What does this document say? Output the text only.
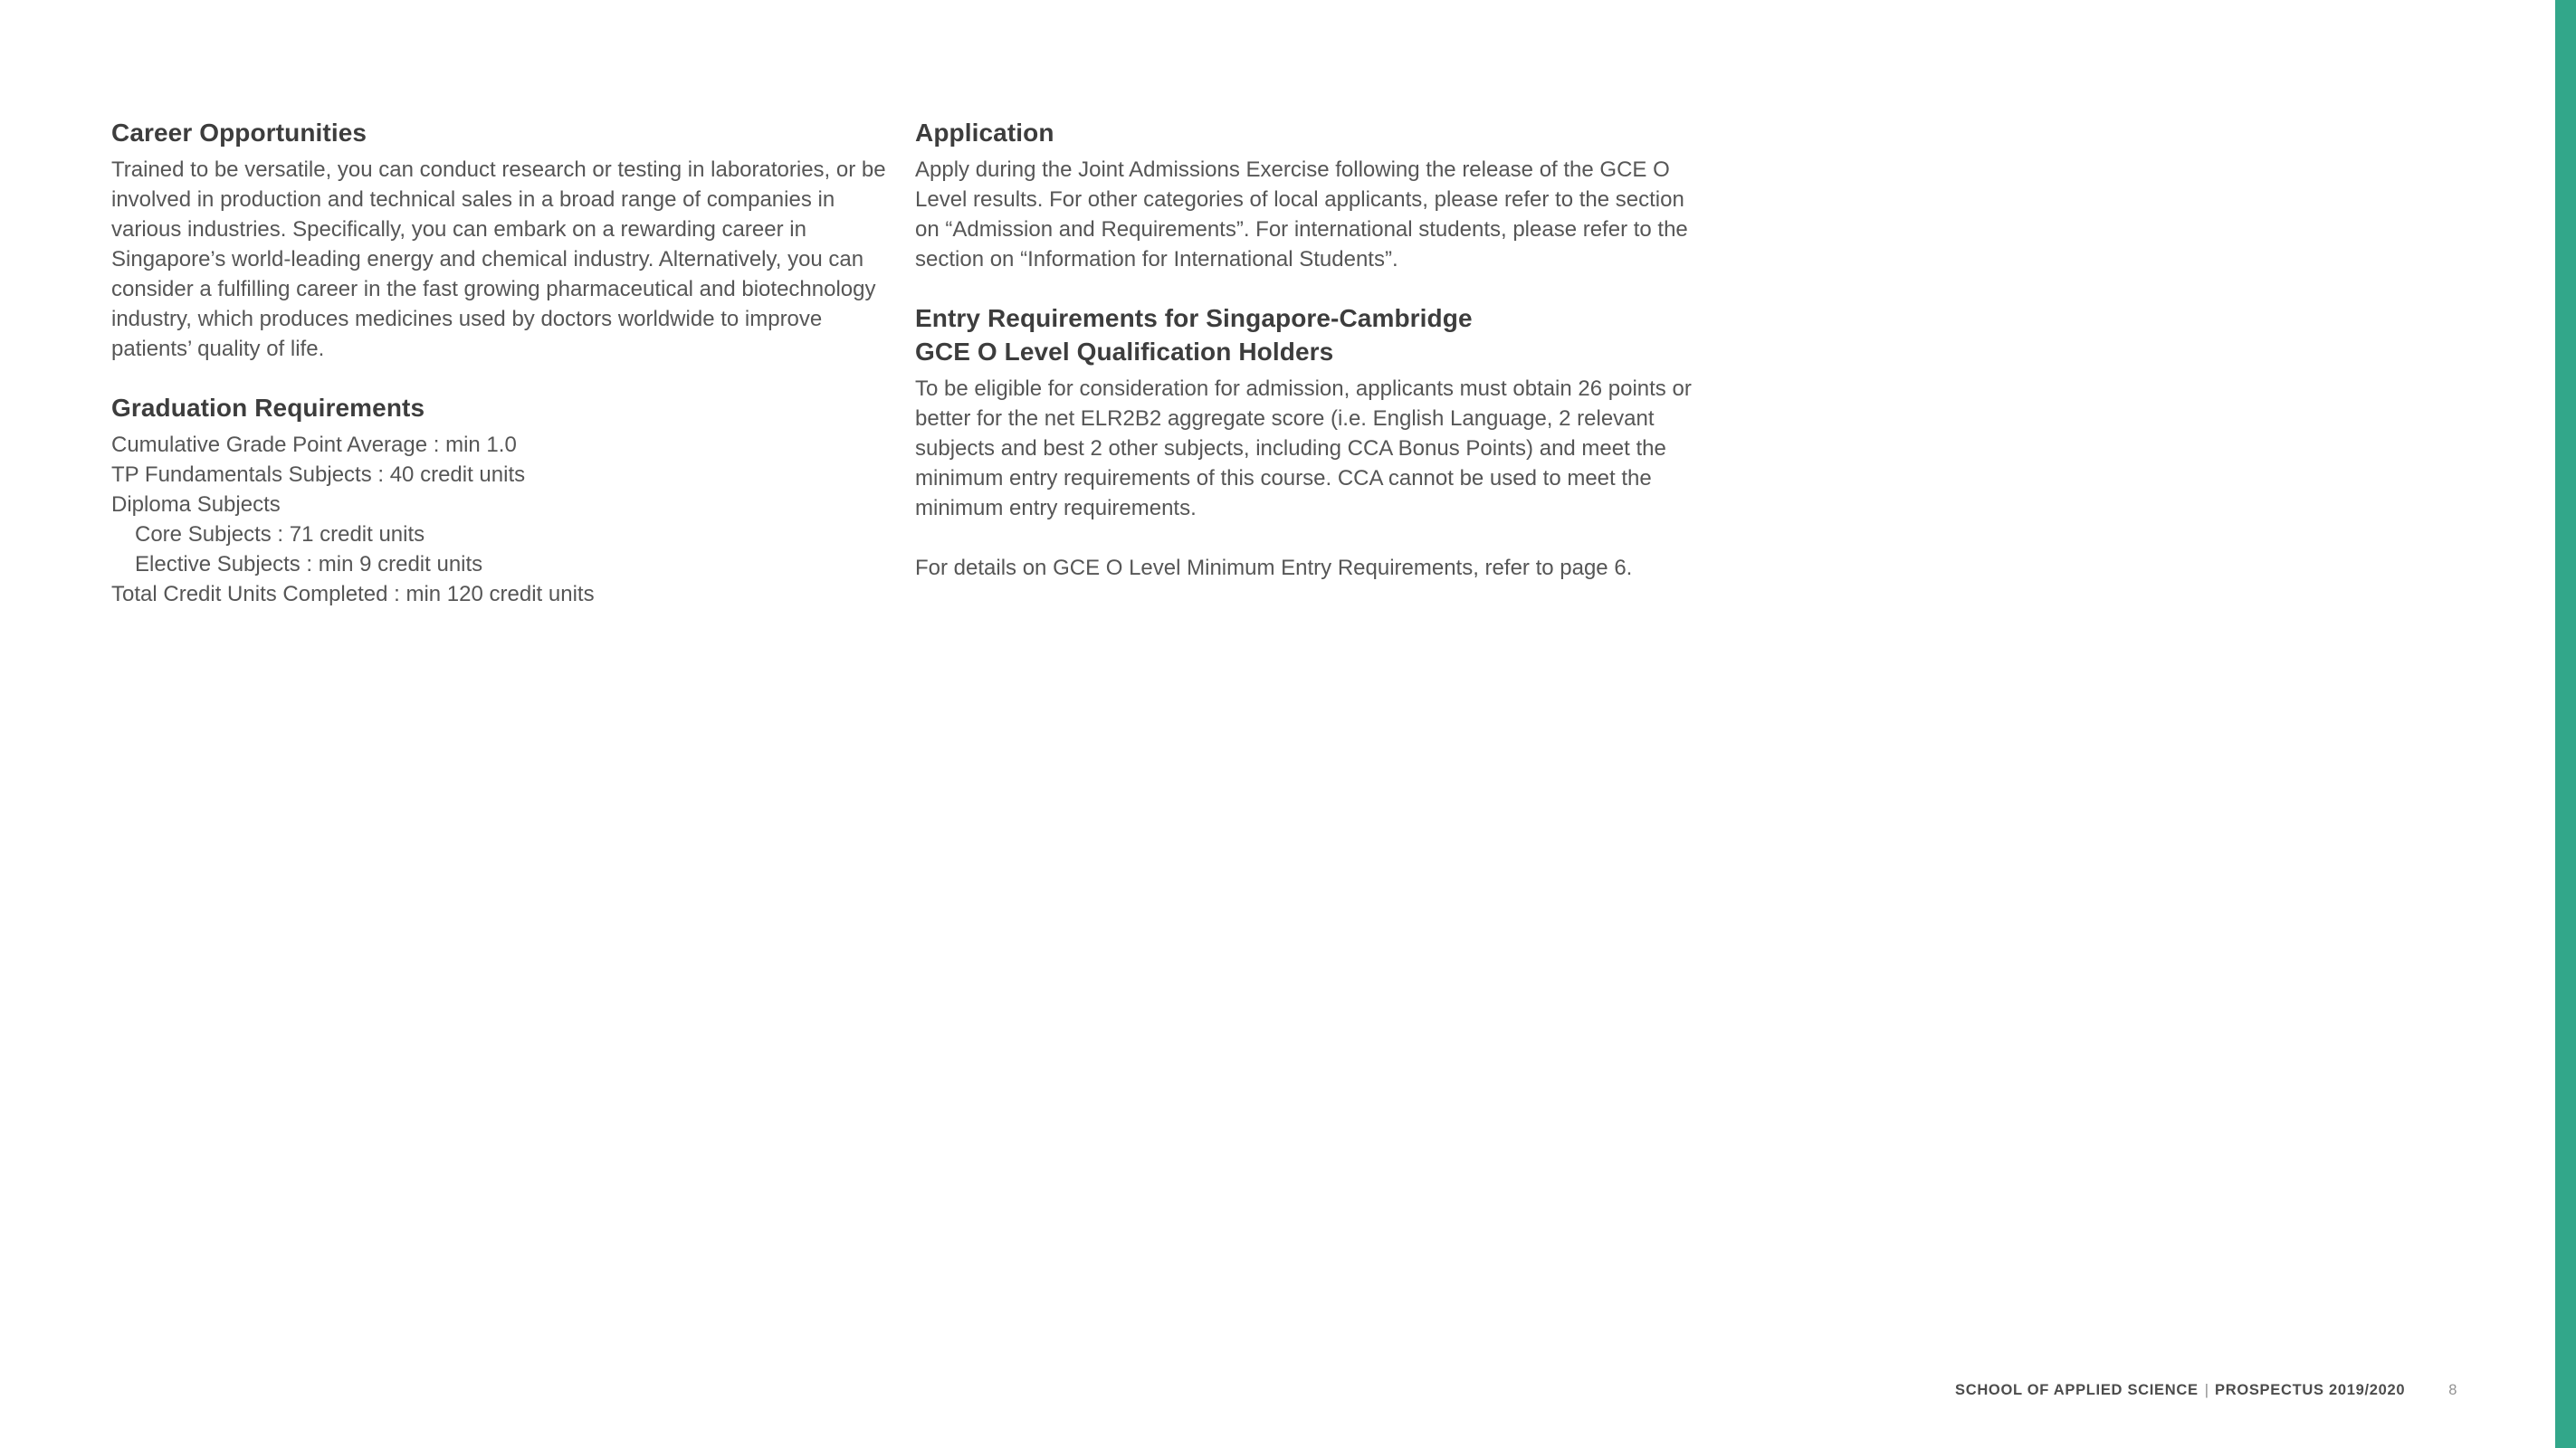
Career Opportunities

Trained to be versatile, you can conduct research or testing in laboratories, or be involved in production and technical sales in a broad range of companies in various industries. Specifically, you can embark on a rewarding career in Singapore’s world-leading energy and chemical industry. Alternatively, you can consider a fulfilling career in the fast growing pharmaceutical and biotechnology industry, which produces medicines used by doctors worldwide to improve patients’ quality of life.

Graduation Requirements
Cumulative Grade Point Average : min 1.0
TP Fundamentals Subjects : 40 credit units
Diploma Subjects
Core Subjects : 71 credit units
Elective Subjects : min 9 credit units
Total Credit Units Completed : min 120 credit units
Application

Apply during the Joint Admissions Exercise following the release of the GCE O Level results. For other categories of local applicants, please refer to the section on “Admission and Requirements”. For international students, please refer to the section on “Information for International Students”.

Entry Requirements for Singapore-Cambridge
GCE O Level Qualification Holders

To be eligible for consideration for admission, applicants must obtain 26 points or better for the net ELR2B2 aggregate score (i.e. English Language, 2 relevant subjects and best 2 other subjects, including CCA Bonus Points) and meet the minimum entry requirements of this course. CCA cannot be used to meet the minimum entry requirements.

For details on GCE O Level Minimum Entry Requirements, refer to page 6.

SCHOOL OF APPLIED SCIENCE | PROSPECTUS 2019/2020	8
